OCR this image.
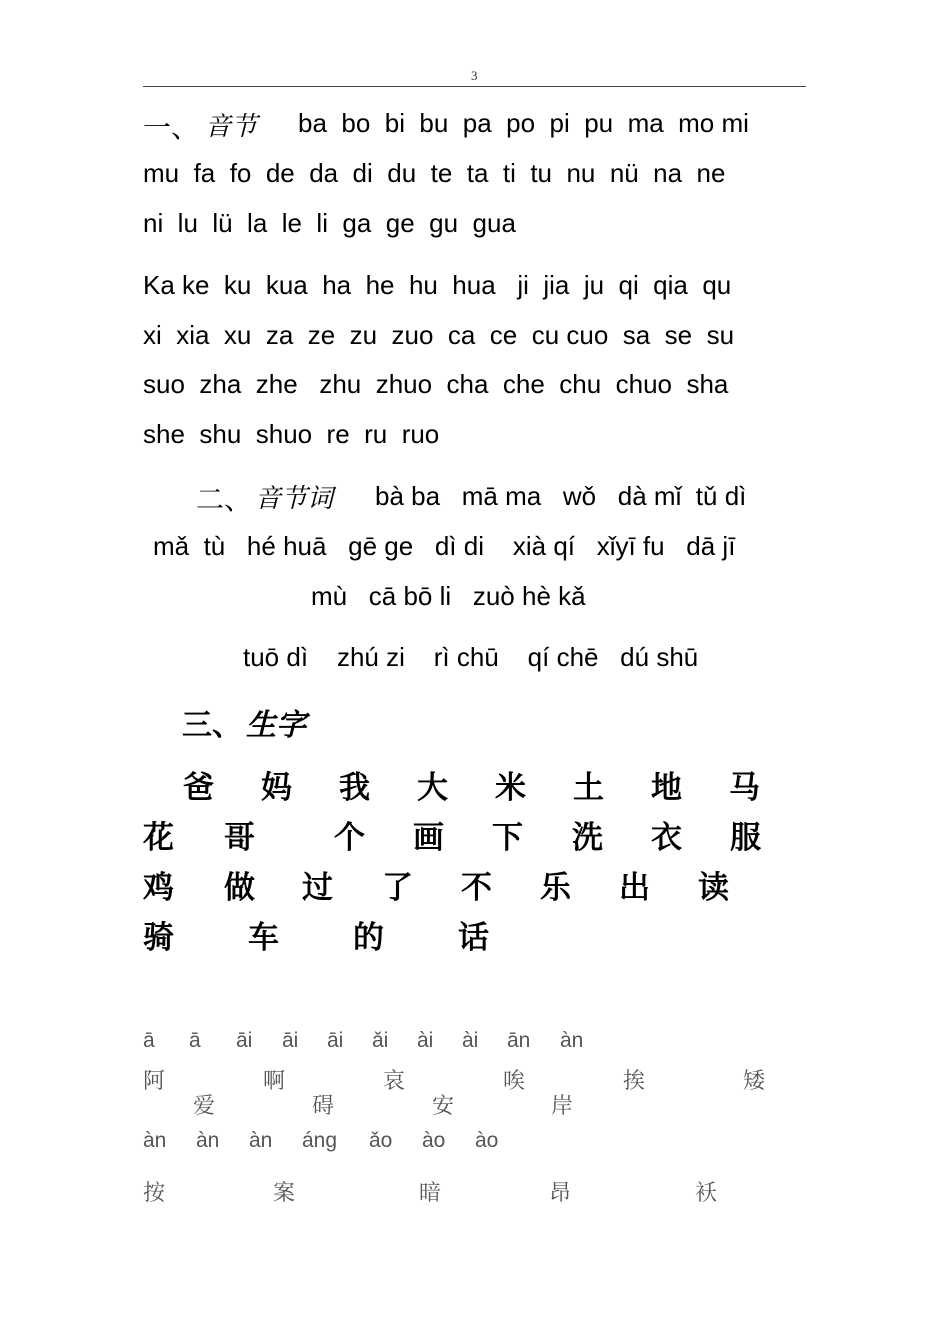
3
一、 音节 ba  bo  bi  bu  pa  po  pi  pu  ma  mo mi
mu  fa  fo  de  da  di  du  te  ta  ti  tu  nu  nü  na  ne
ni  lu  lü  la  le  li  ga  ge  gu  gua
Ka ke  ku  kua  ha  he  hu  hua   ji  jia  ju  qi  qia  qu
xi  xia  xu  za  ze  zu  zuo  ca  ce  cu cuo  sa  se  su
suo  zha  zhe   zhu  zhuo  cha  che  chu  chuo  sha
she  shu  shuo  re  ru  ruo
二、 音节词 bà ba   mā ma   wǒ   dà mǐ  tǔ dì
mǎ  tù   hé huā   gē ge   dì di    xià qí   xǐyī fu   dā jī
mù   cā bō li   zuò hè kǎ
tuō dì    zhú zi    rì chū    qí chē   dú shū
三、 生字
爸 妈 我 大 米 土 地 马
花 哥	个 画 下 洗 衣 服
鸡 做 过 了 不 乐 出 读
骑 车 的 话
ā ā āi āi āi ǎi ài ài ān àn
阿	啊	哀	唉	挨	矮
爱	碍	安	岸
àn àn àn áng ǎo ào ào
按	案	暗	昂	袄
